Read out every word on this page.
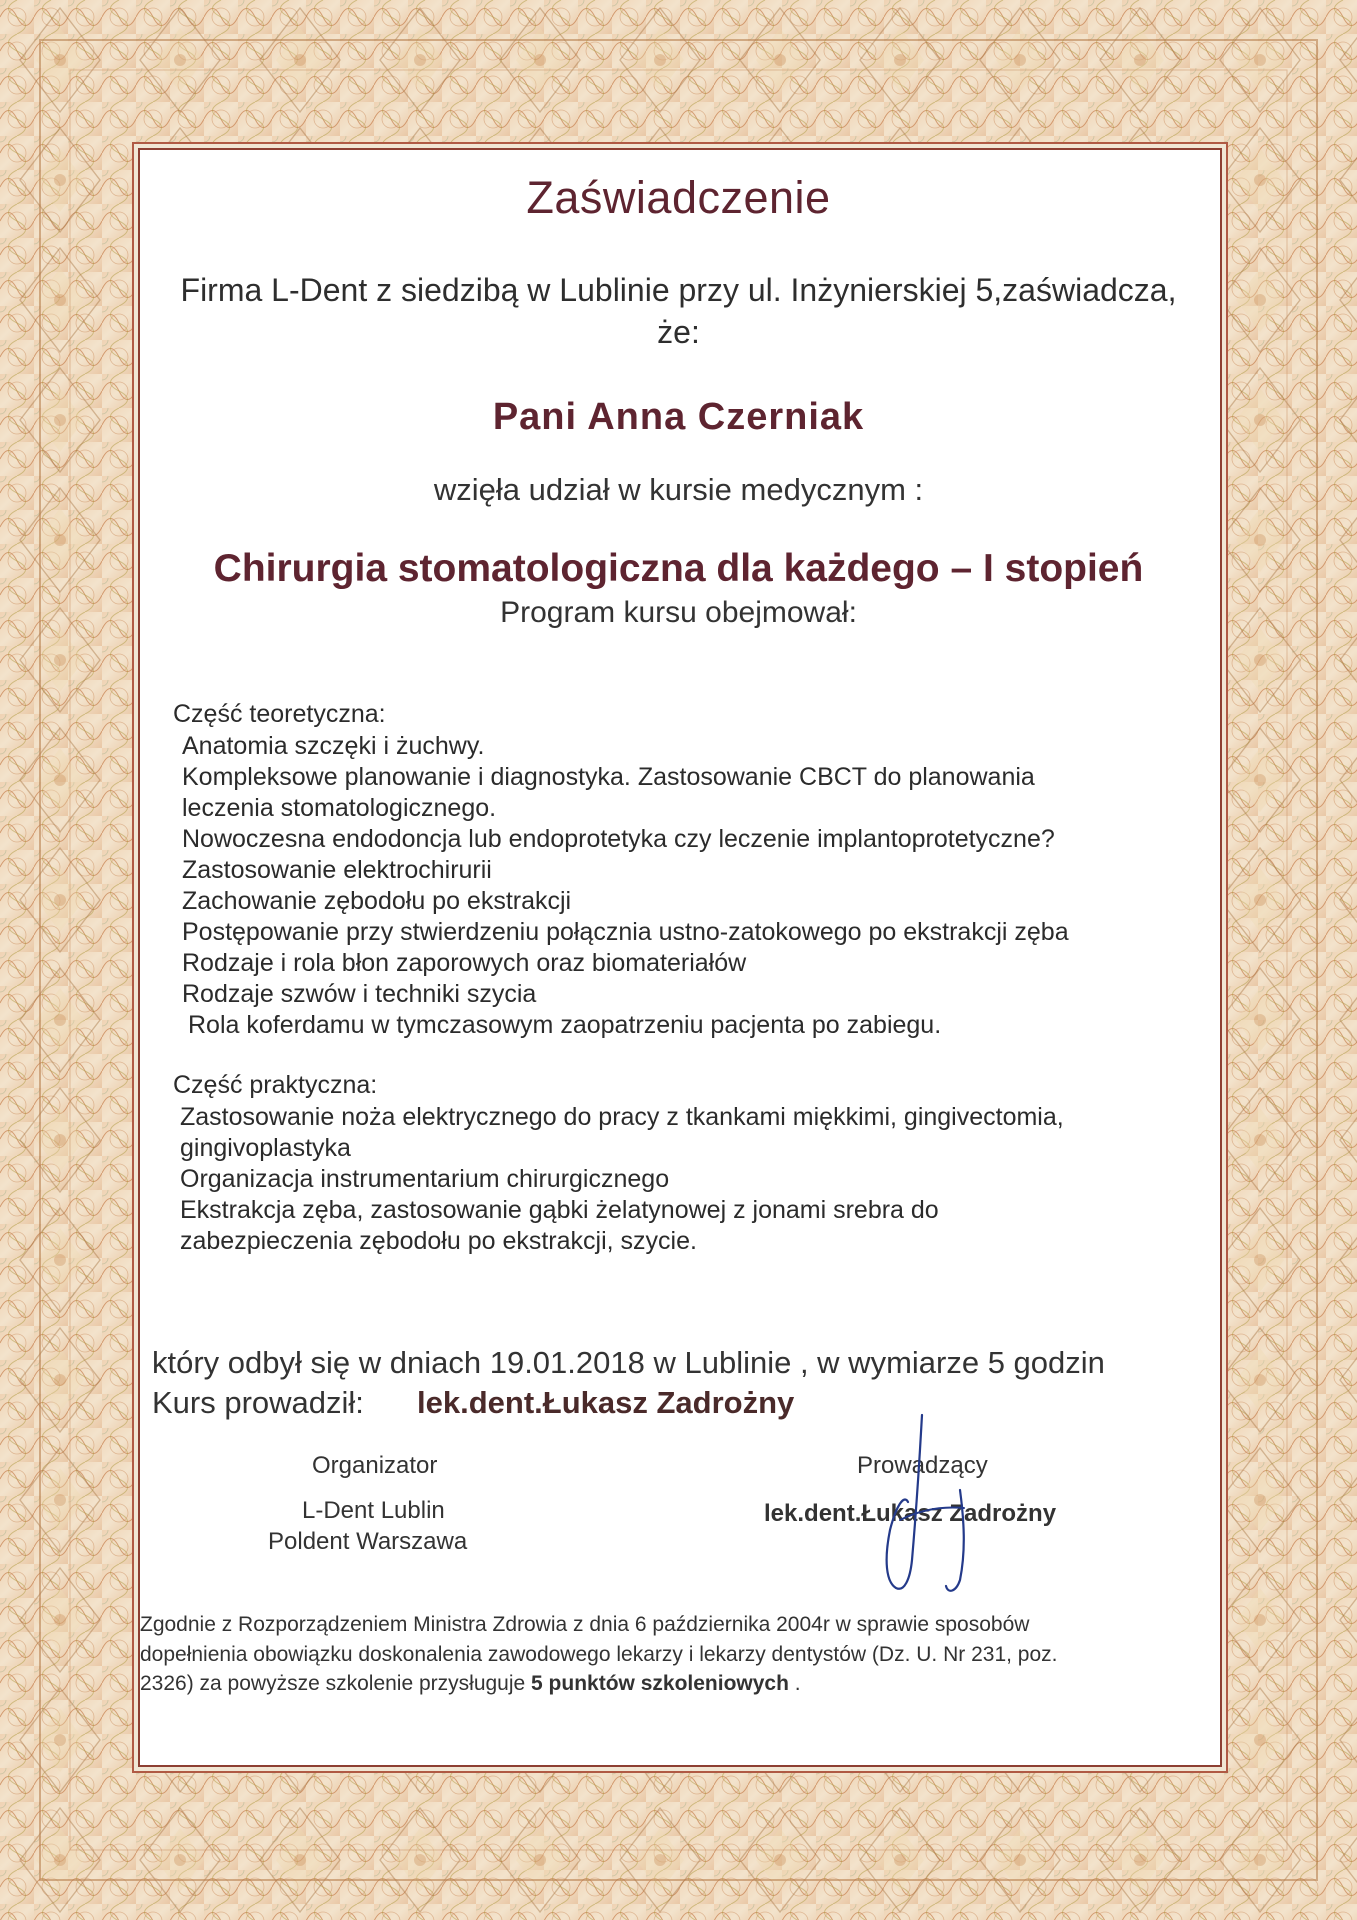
Zaświadczenie
Firma L-Dent z siedzibą w Lublinie przy ul. Inżynierskiej 5,zaświadcza,
że:
Pani Anna Czerniak
wzięła udział w kursie medycznym :
Chirurgia stomatologiczna dla każdego – I stopień
Program kursu obejmował:
Część teoretyczna:
Anatomia szczęki i żuchwy.
Kompleksowe planowanie i diagnostyka. Zastosowanie CBCT do planowania
leczenia stomatologicznego.
Nowoczesna endodoncja lub endoprotetyka czy leczenie implantoprotetyczne?
Zastosowanie elektrochirurii
Zachowanie zębodołu po ekstrakcji
Postępowanie przy stwierdzeniu połącznia ustno-zatokowego po ekstrakcji zęba
Rodzaje i rola błon zaporowych oraz biomateriałów
Rodzaje szwów i techniki szycia
Rola koferdamu w tymczasowym zaopatrzeniu pacjenta po zabiegu.
Część praktyczna:
Zastosowanie noża elektrycznego do pracy z tkankami miękkimi, gingivectomia,
gingivoplastyka
Organizacja instrumentarium chirurgicznego
Ekstrakcja zęba, zastosowanie gąbki żelatynowej z jonami srebra do
zabezpieczenia zębodołu po ekstrakcji, szycie.
który odbył się w dniach 19.01.2018 w Lublinie , w wymiarze 5 godzin
Kurs prowadził: lek.dent.Łukasz Zadrożny
Organizator
L-Dent Lublin
Poldent Warszawa
Prowadzący
lek.dent.Łukasz Zadrożny
Zgodnie z Rozporządzeniem Ministra Zdrowia z dnia 6 października 2004r w sprawie sposobów
dopełnienia obowiązku doskonalenia zawodowego lekarzy i lekarzy dentystów (Dz. U. Nr 231, poz.
2326) za powyższe szkolenie przysługuje 5 punktów szkoleniowych .
